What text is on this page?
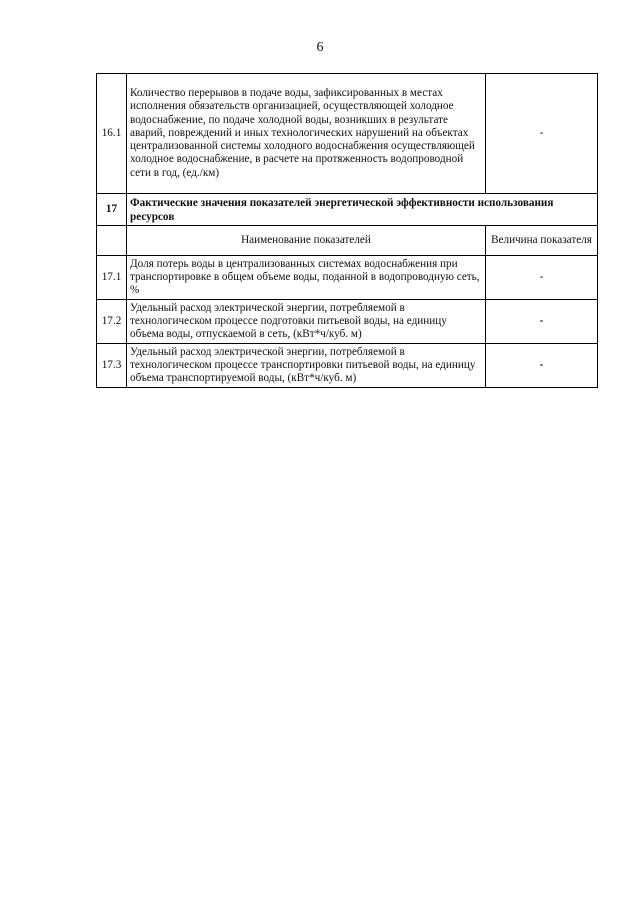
6
16.1	Количество перерывов в подаче воды, зафиксированных в местах исполнения обязательств организацией, осуществляющей холодное водоснабжение, по подаче холодной воды, возникших в результате аварий, повреждений и иных технологических нарушений на объектах централизованной системы холодного водоснабжения осуществляющей холодное водоснабжение, в расчете на протяженность водопроводной сети в год, (ед./км)	-
17	Фактические значения показателей энергетической эффективности использования ресурсов	
	Наименование показателей	Величина показателя
17.1	Доля потерь воды в централизованных системах водоснабжения при транспортировке в общем объеме воды, поданной в водопроводную сеть, %	-
17.2	Удельный расход электрической энергии, потребляемой в технологическом процессе подготовки питьевой воды, на единицу объема воды, отпускаемой в сеть, (кВт*ч/куб. м)	-
17.3	Удельный расход электрической энергии, потребляемой в технологическом процессе транспортировки питьевой воды, на единицу объема транспортируемой воды, (кВт*ч/куб. м)	-
